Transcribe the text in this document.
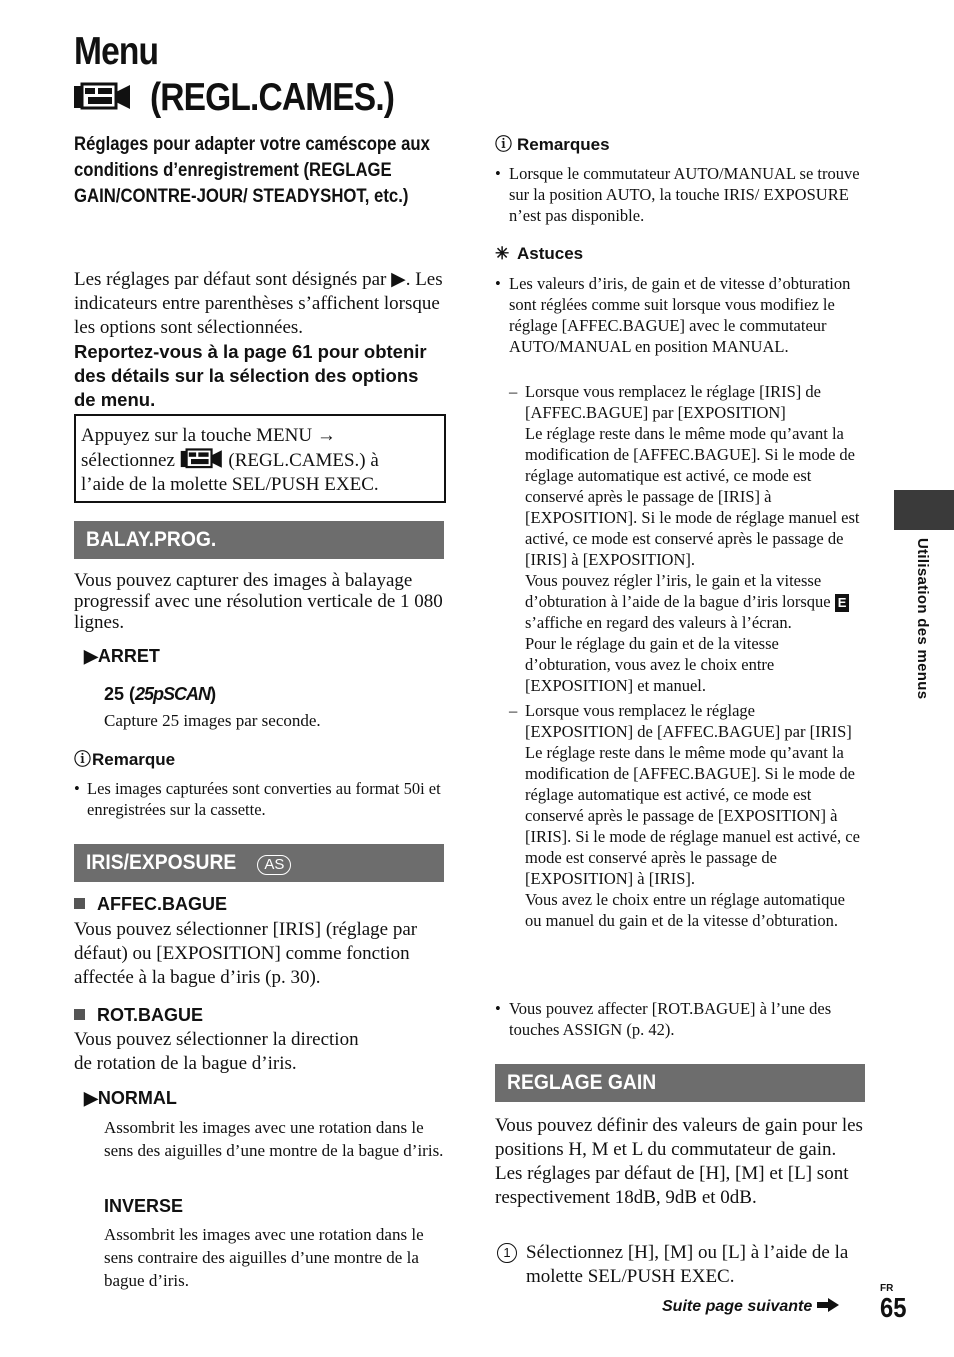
Menu
(REGL.CAMES.)
Réglages pour adapter votre caméscope aux conditions d’enregistrement (REGLAGE GAIN/CONTRE-JOUR/ STEADYSHOT, etc.)
Les réglages par défaut sont désignés par ▶. Les indicateurs entre parenthèses s’affichent lorsque les options sont sélectionnées.
Reportez-vous à la page 61 pour obtenir des détails sur la sélection des options de menu.
Appuyez sur la touche MENU →
sélectionnez	(REGL.CAMES.) à
l’aide de la molette SEL/PUSH EXEC.
BALAY.PROG.
Vous pouvez capturer des images à balayage progressif avec une résolution verticale de 1 080 lignes.
▶ARRET
25 (25pSCAN)
Capture 25 images par seconde.
ⓘRemarque
• Les images capturées sont converties au format 50i et enregistrées sur la cassette.
IRIS/EXPOSURE AS
AFFEC.BAGUE
Vous pouvez sélectionner [IRIS] (réglage par défaut) ou [EXPOSITION] comme fonction affectée à la bague d’iris (p. 30).
ROT.BAGUE
Vous pouvez sélectionner la direction
de rotation de la bague d’iris.
▶NORMAL
Assombrit les images avec une rotation dans le sens des aiguilles d’une montre de la bague d’iris.
INVERSE
Assombrit les images avec une rotation dans le sens contraire des aiguilles d’une montre de la bague d’iris.
ⓘ Remarques
• Lorsque le commutateur AUTO/MANUAL se trouve sur la position AUTO, la touche IRIS/ EXPOSURE n’est pas disponible.
✳ Astuces
• Les valeurs d’iris, de gain et de vitesse d’obturation sont réglées comme suit lorsque vous modifiez le réglage [AFFEC.BAGUE] avec le commutateur AUTO/MANUAL en position MANUAL.
– Lorsque vous remplacez le réglage [IRIS] de [AFFEC.BAGUE] par [EXPOSITION]
Le réglage reste dans le même mode qu’avant la modification de [AFFEC.BAGUE]. Si le mode de réglage automatique est activé, ce mode est conservé après le passage de [IRIS] à [EXPOSITION]. Si le mode de réglage manuel est activé, ce mode est conservé après le passage de [IRIS] à [EXPOSITION].
Vous pouvez régler l’iris, le gain et la vitesse d’obturation à l’aide de la bague d’iris lorsque E s’affiche en regard des valeurs à l’écran.
Pour le réglage du gain et de la vitesse d’obturation, vous avez le choix entre [EXPOSITION] et manuel.
– Lorsque vous remplacez le réglage [EXPOSITION] de [AFFEC.BAGUE] par [IRIS]
Le réglage reste dans le même mode qu’avant la modification de [AFFEC.BAGUE]. Si le mode de réglage automatique est activé, ce mode est conservé après le passage de [EXPOSITION] à [IRIS]. Si le mode de réglage manuel est activé, ce mode est conservé après le passage de [EXPOSITION] à [IRIS].
Vous avez le choix entre un réglage automatique ou manuel du gain et de la vitesse d’obturation.
• Vous pouvez affecter [ROT.BAGUE] à l’une des touches ASSIGN (p. 42).
REGLAGE GAIN
Vous pouvez définir des valeurs de gain pour les positions H, M et L du commutateur de gain. Les réglages par défaut de [H], [M] et [L] sont respectivement 18dB, 9dB et 0dB.
1 Sélectionnez [H], [M] ou [L] à l’aide de la molette SEL/PUSH EXEC.
Suite page suivante
FR
65
Utilisation des menus
